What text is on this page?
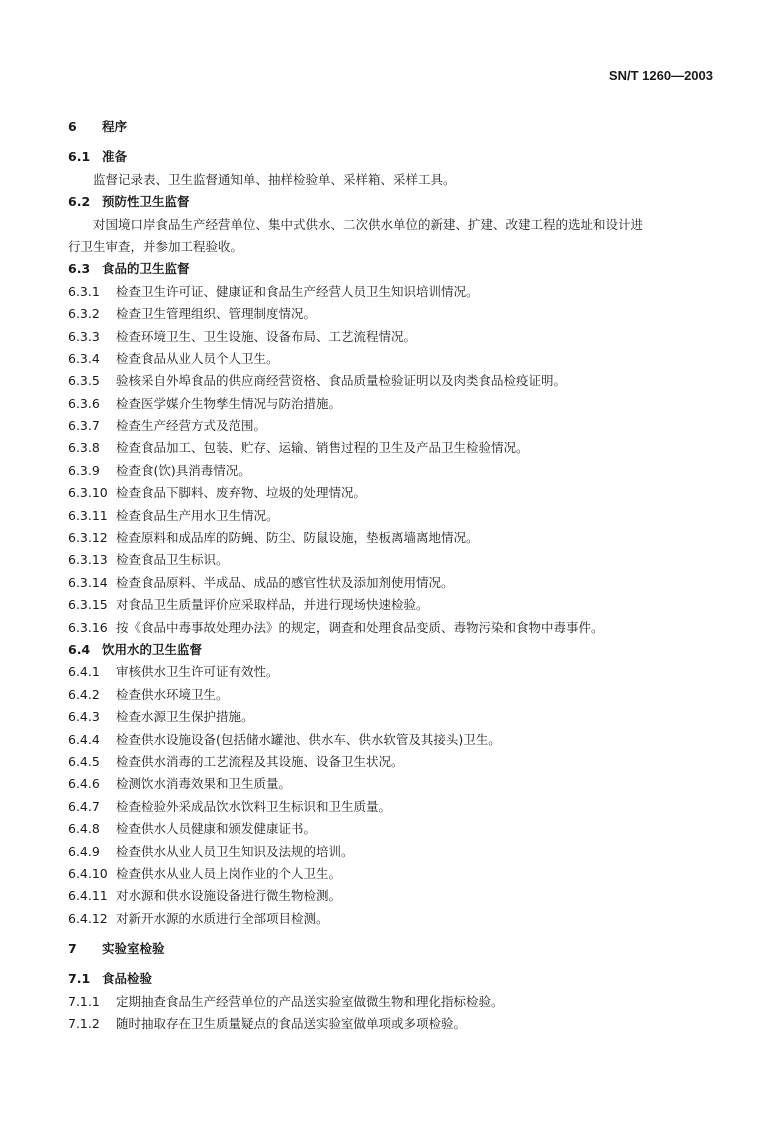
SN/T 1260—2003
6 程序
6.1 准备
监督记录表、卫生监督通知单、抽样检验单、采样箱、采样工具。
6.2 预防性卫生监督
对国境口岸食品生产经营单位、集中式供水、二次供水单位的新建、扩建、改建工程的选址和设计进
行卫生审查，并参加工程验收。
6.3 食品的卫生监督
6.3.1 检查卫生许可证、健康证和食品生产经营人员卫生知识培训情况。
6.3.2 检查卫生管理组织、管理制度情况。
6.3.3 检查环境卫生、卫生设施、设备布局、工艺流程情况。
6.3.4 检查食品从业人员个人卫生。
6.3.5 验核采自外埠食品的供应商经营资格、食品质量检验证明以及肉类食品检疫证明。
6.3.6 检查医学媒介生物孳生情况与防治措施。
6.3.7 检查生产经营方式及范围。
6.3.8 检查食品加工、包装、贮存、运输、销售过程的卫生及产品卫生检验情况。
6.3.9 检查食(饮)具消毒情况。
6.3.10 检查食品下脚料、废弃物、垃圾的处理情况。
6.3.11 检查食品生产用水卫生情况。
6.3.12 检查原料和成品库的防蝇、防尘、防鼠设施，垫板离墙离地情况。
6.3.13 检查食品卫生标识。
6.3.14 检查食品原料、半成品、成品的感官性状及添加剂使用情况。
6.3.15 对食品卫生质量评价应采取样品，并进行现场快速检验。
6.3.16 按《食品中毒事故处理办法》的规定，调查和处理食品变质、毒物污染和食物中毒事件。
6.4 饮用水的卫生监督
6.4.1 审核供水卫生许可证有效性。
6.4.2 检查供水环境卫生。
6.4.3 检查水源卫生保护措施。
6.4.4 检查供水设施设备(包括储水罐池、供水车、供水软管及其接头)卫生。
6.4.5 检查供水消毒的工艺流程及其设施、设备卫生状况。
6.4.6 检测饮水消毒效果和卫生质量。
6.4.7 检查检验外采成品饮水饮料卫生标识和卫生质量。
6.4.8 检查供水人员健康和颁发健康证书。
6.4.9 检查供水从业人员卫生知识及法规的培训。
6.4.10 检查供水从业人员上岗作业的个人卫生。
6.4.11 对水源和供水设施设备进行微生物检测。
6.4.12 对新开水源的水质进行全部项目检测。
7 实验室检验
7.1 食品检验
7.1.1 定期抽查食品生产经营单位的产品送实验室做微生物和理化指标检验。
7.1.2 随时抽取存在卫生质量疑点的食品送实验室做单项或多项检验。
